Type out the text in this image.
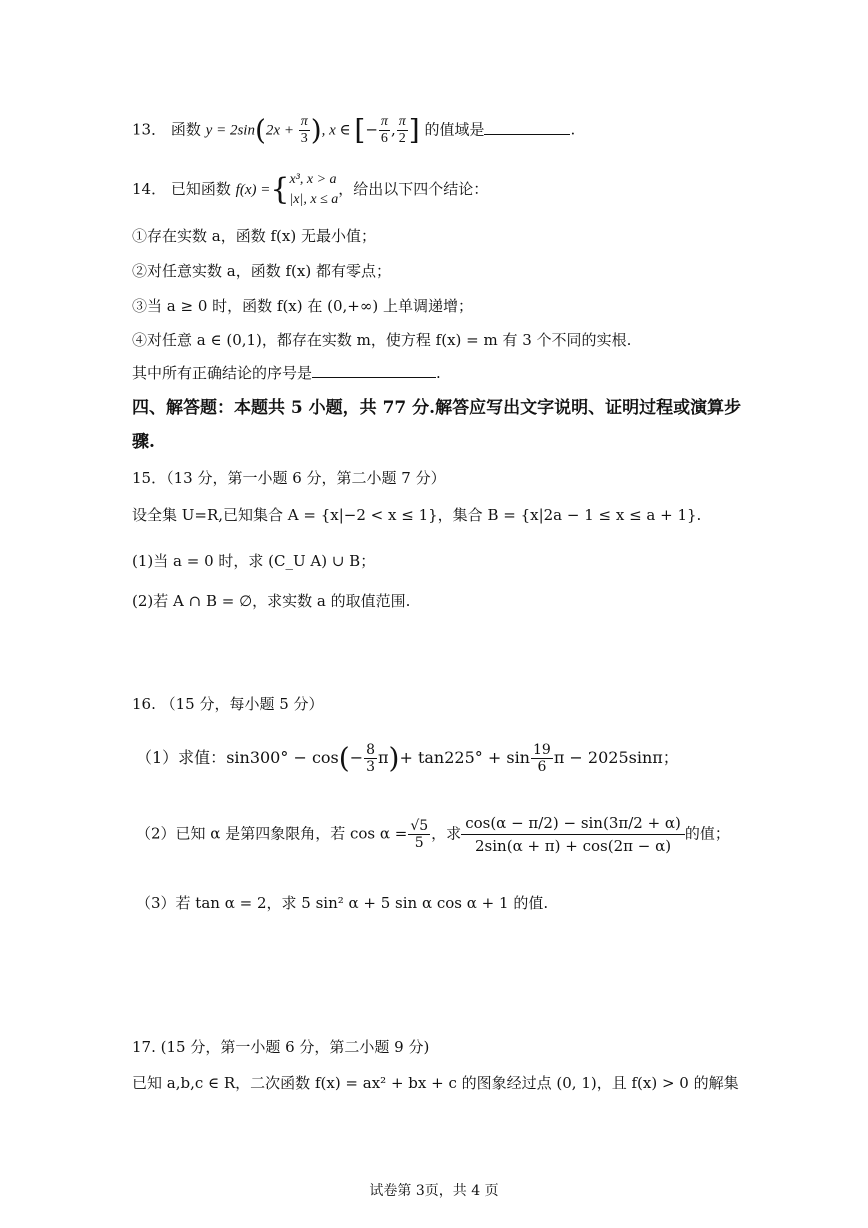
13． 函数 $y = 2\sin(2x + \frac{\pi}{3}$ ), x ∈ [− $\frac{\pi}{6}$ , $\frac{\pi}{2}$ ] 的值域是	.
14． 已知函数 f(x) ={ x³, x > a
|x|, x ≤ a
，给出以下四个结论：
①存在实数 a，函数 f(x) 无最小值；
②对任意实数 a，函数 f(x) 都有零点；
③当 a ≥ 0 时，函数 f(x) 在 (0,+∞) 上单调递增；
④对任意 a ∈ (0,1)，都存在实数 m，使方程 f(x) = m 有 3 个不同的实根.
其中所有正确结论的序号是	.
四、解答题：本题共 5 小题，共 77 分.解答应写出文字说明、证明过程或演算步
骤.
15．（13 分，第一小题 6 分，第二小题 7 分）
设全集 U=R,已知集合 A = {x|−2 < x ≤ 1}，集合 B = {x|2a − 1 ≤ x ≤ a + 1}.
(1)当 a = 0 时，求 (C_U A) ∪ B；
(2)若 A ∩ B = ∅，求实数 a 的取值范围.
16. （15 分，每小题 5 分）
（1）求值：$\sin 300^\circ - \cos(- \frac{8}{3} \pi)+ \tan 225^\circ + \sin \frac{19}{6}$ π − 2025sinπ；
（2）已知 α 是第四象限角，若 $\cos \alpha = \frac{√5}{5}$ ，求 $\frac{\cos(\alpha - \pi/2) - \sin(3\pi/2 + \alpha)}{2\sin(\alpha + \pi) + \cos(2\pi - \alpha)}$ 的值；
（3）若 tan α = 2，求 5 sin² α + 5 sin α cos α + 1 的值.
17. (15 分，第一小题 6 分，第二小题 9 分)
已知 a,b,c ∈ R，二次函数 f(x) = ax² + bx + c 的图象经过点 (0, 1)，且 f(x) > 0 的解集
试卷第 3页，共 4 页
